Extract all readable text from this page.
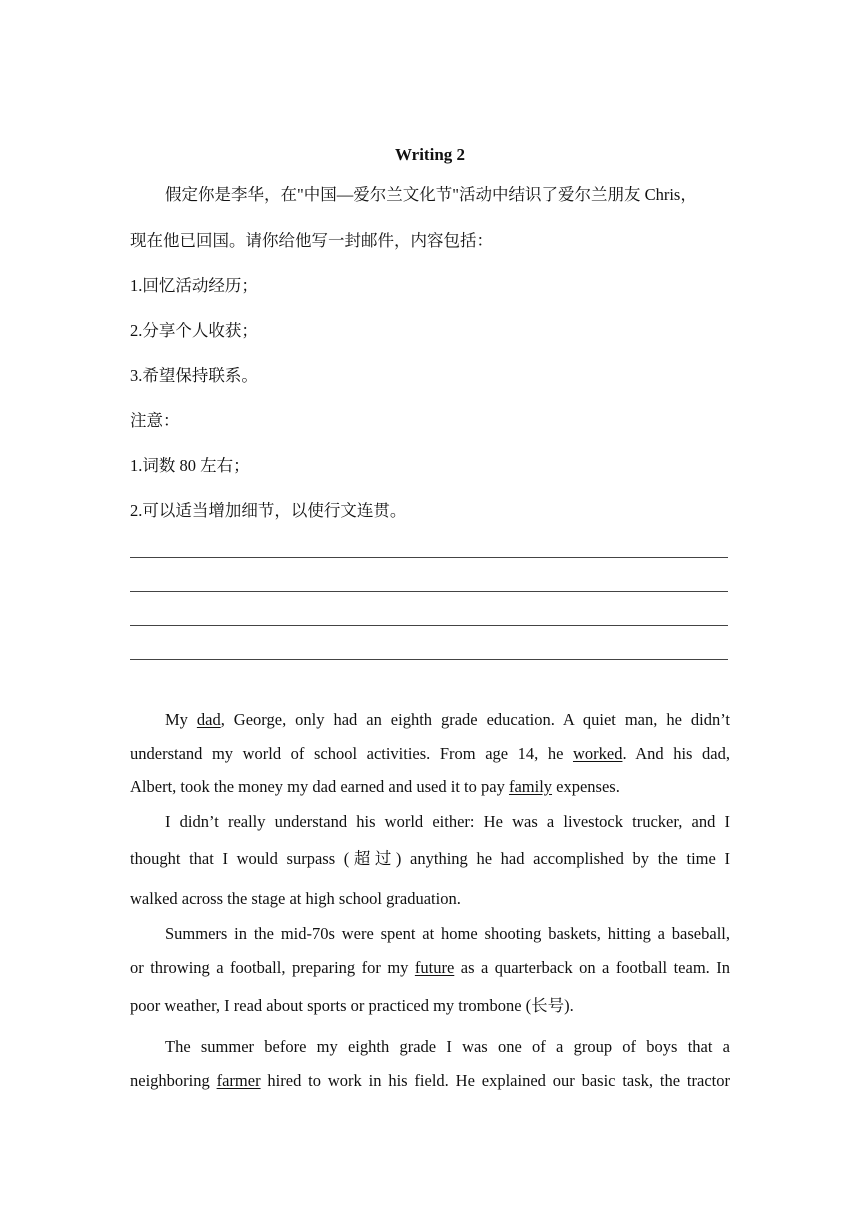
Writing 2
假定你是李华，在"中国—爱尔兰文化节"活动中结识了爱尔兰朋友 Chris，
现在他已回国。请你给他写一封邮件，内容包括：
1.回忆活动经历；
2.分享个人收获；
3.希望保持联系。
注意：
1.词数 80 左右；
2.可以适当增加细节，以使行文连贯。
My dad, George, only had an eighth grade education. A quiet man, he didn’t
understand my world of school activities. From age 14, he worked. And his dad,
Albert, took the money my dad earned and used it to pay family expenses.
I didn’t really understand his world either: He was a livestock trucker, and I
thought that I would surpass (超过) anything he had accomplished by the time I
walked across the stage at high school graduation.
Summers in the mid-70s were spent at home shooting baskets, hitting a baseball,
or throwing a football, preparing for my future as a quarterback on a football team. In
poor weather, I read about sports or practiced my trombone (长号).
The summer before my eighth grade I was one of a group of boys that a
neighboring farmer hired to work in his field. He explained our basic task, the tractor
